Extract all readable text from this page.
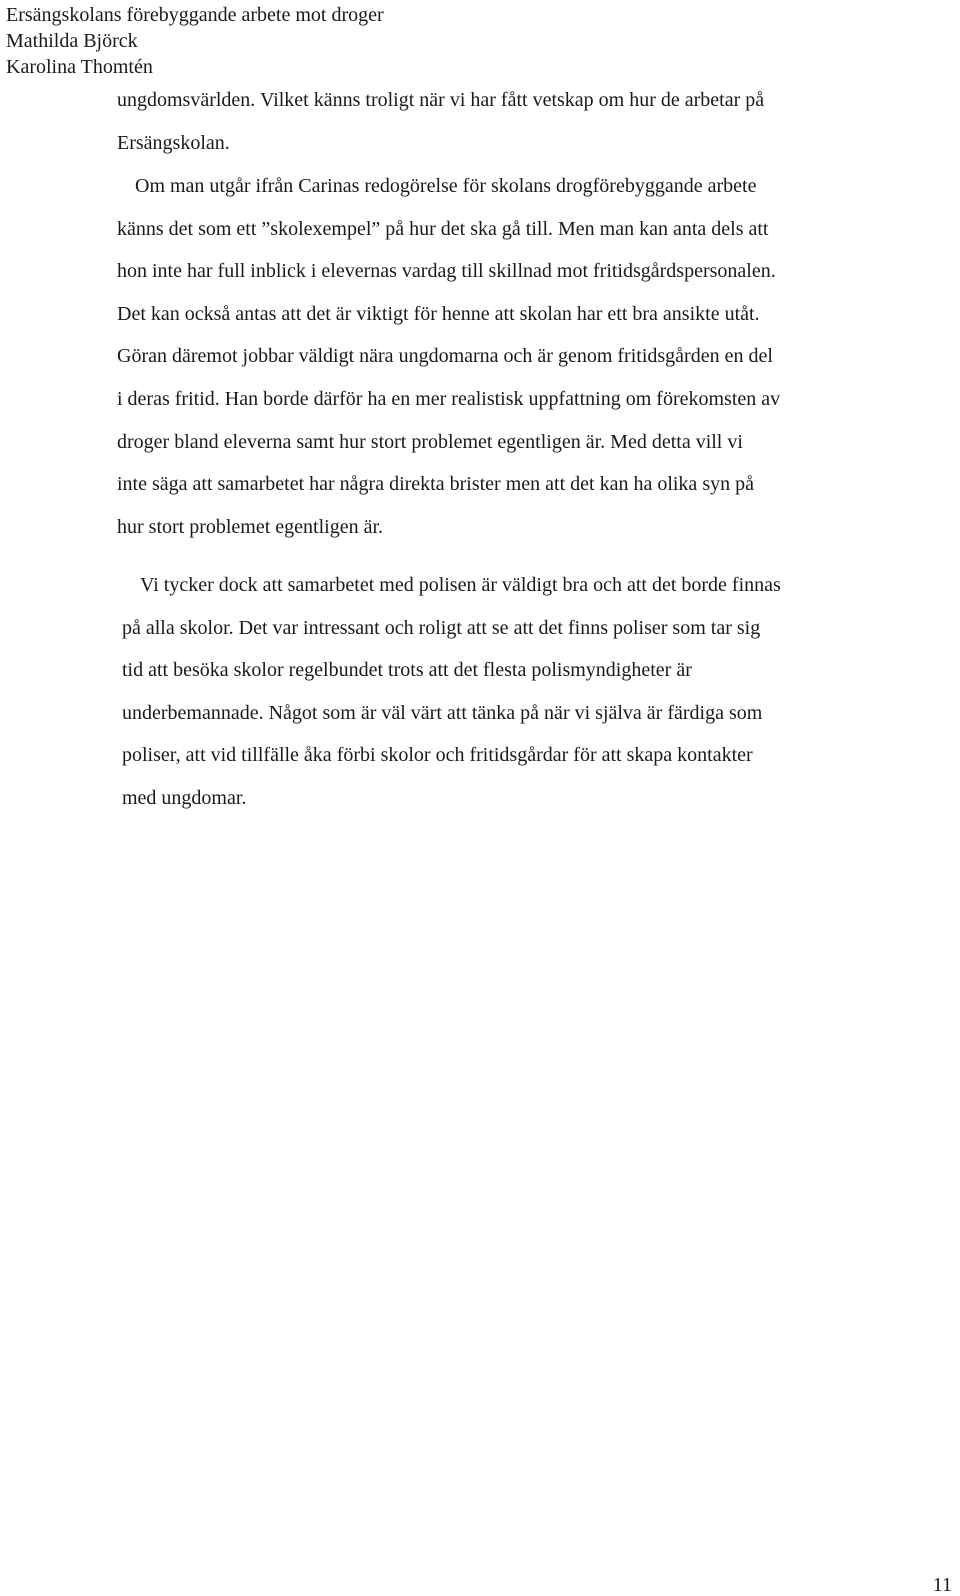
Ersängskolans förebyggande arbete mot droger
Mathilda Björck
Karolina Thomtén
ungdomsvärlden. Vilket känns troligt när vi har fått vetskap om hur de arbetar på
Ersängskolan.
Om man utgår ifrån Carinas redogörelse för skolans drogförebyggande arbete
känns det som ett ”skolexempel” på hur det ska gå till. Men man kan anta dels att
hon inte har full inblick i elevernas vardag till skillnad mot fritidsgårdspersonalen.
Det kan också antas att det är viktigt för henne att skolan har ett bra ansikte utåt.
Göran däremot jobbar väldigt nära ungdomarna och är genom fritidsgården en del
i deras fritid. Han borde därför ha en mer realistisk uppfattning om förekomsten av
droger bland eleverna samt hur stort problemet egentligen är. Med detta vill vi
inte säga att samarbetet har några direkta brister men att det kan ha olika syn på
hur stort problemet egentligen är.
Vi tycker dock att samarbetet med polisen är väldigt bra och att det borde finnas
på alla skolor. Det var intressant och roligt att se att det finns poliser som tar sig
tid att besöka skolor regelbundet trots att det flesta polismyndigheter är
underbemannade. Något som är väl värt att tänka på när vi själva är färdiga som
poliser, att vid tillfälle åka förbi skolor och fritidsgårdar för att skapa kontakter
med ungdomar.
11
